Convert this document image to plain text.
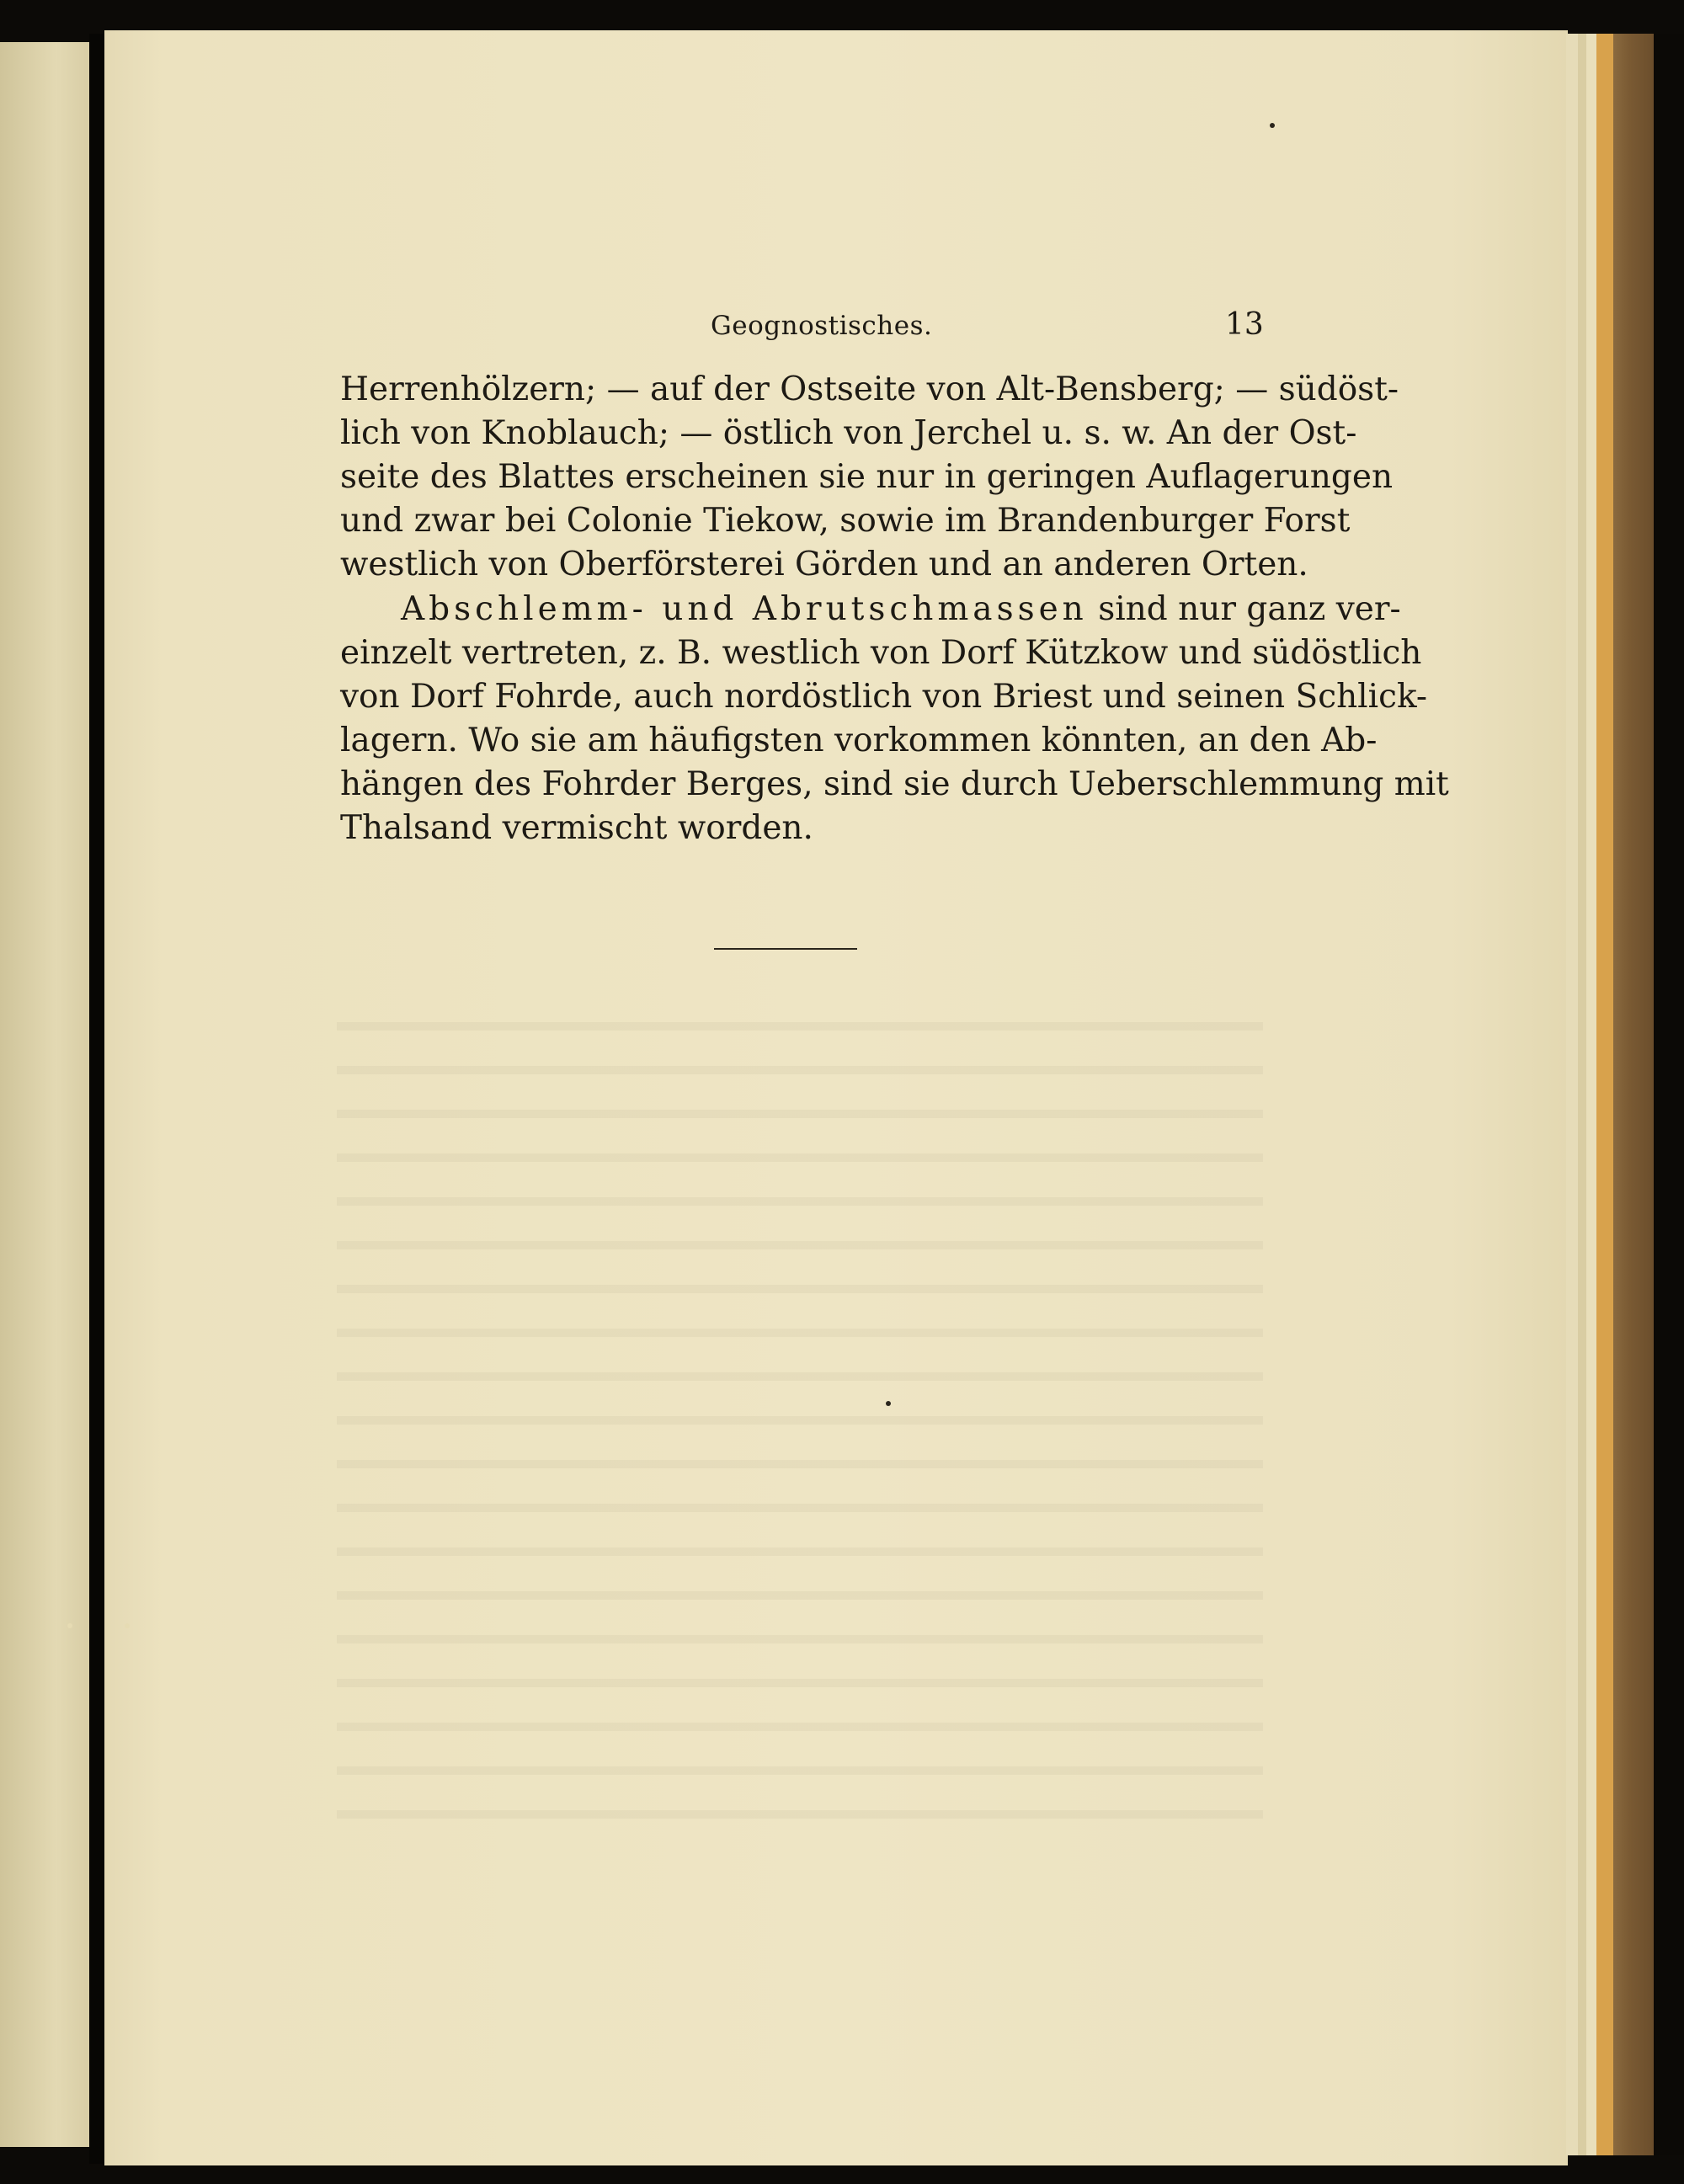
Geognostisches.	13
Herrenhölzern; — auf der Ostseite von Alt-Bensberg; — südöst-
lich von Knoblauch; — östlich von Jerchel u. s. w. An der Ost-
seite des Blattes erscheinen sie nur in geringen Auflagerungen
und zwar bei Colonie Tiekow, sowie im Brandenburger Forst
westlich von Oberförsterei Görden und an anderen Orten.
Abschlemm- und Abrutschmassen sind nur ganz ver-
einzelt vertreten, z. B. westlich von Dorf Kützkow und südöstlich
von Dorf Fohrde, auch nordöstlich von Briest und seinen Schlick-
lagern. Wo sie am häufigsten vorkommen könnten, an den Ab-
hängen des Fohrder Berges, sind sie durch Ueberschlemmung mit
Thalsand vermischt worden.
